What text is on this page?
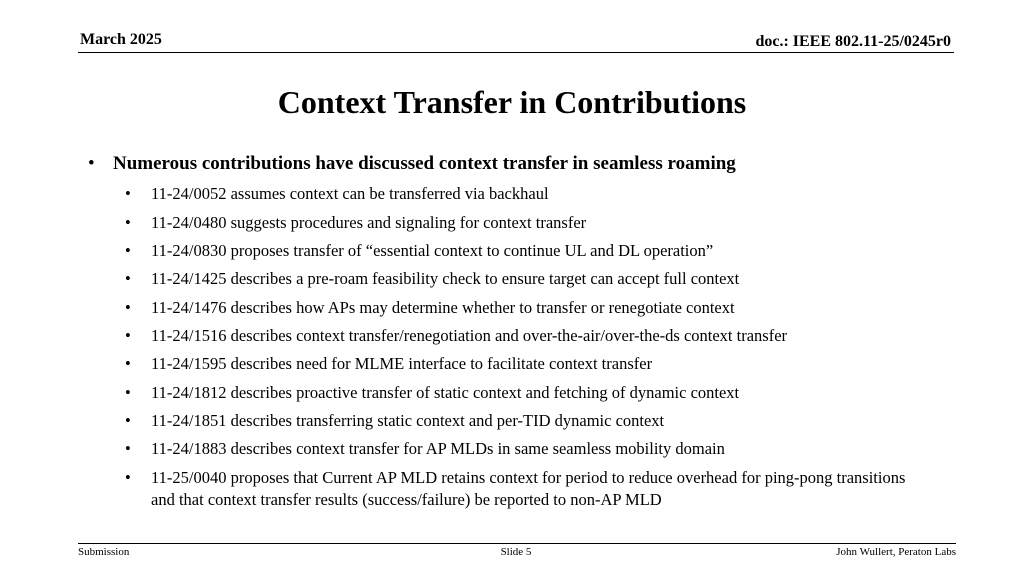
March 2025	doc.: IEEE 802.11-25/0245r0
Context Transfer in Contributions
• Numerous contributions have discussed context transfer in seamless roaming
• 11-24/0052 assumes context can be transferred via backhaul
• 11-24/0480 suggests procedures and signaling for context transfer
• 11-24/0830 proposes transfer of “essential context to continue UL and DL operation”
• 11-24/1425 describes a pre-roam feasibility check to ensure target can accept full context
• 11-24/1476 describes how APs may determine whether to transfer or renegotiate context
• 11-24/1516 describes context transfer/renegotiation and over-the-air/over-the-ds context transfer
• 11-24/1595 describes need for MLME interface to facilitate context transfer
• 11-24/1812 describes proactive transfer of static context and fetching of dynamic context
• 11-24/1851 describes transferring static context and per-TID dynamic context
• 11-24/1883 describes context transfer for AP MLDs in same seamless mobility domain
• 11-25/0040 proposes that Current AP MLD retains context for period to reduce overhead for ping-pong transitions and that context transfer results (success/failure) be reported to non-AP MLD
Submission	Slide 5	John Wullert, Peraton Labs
